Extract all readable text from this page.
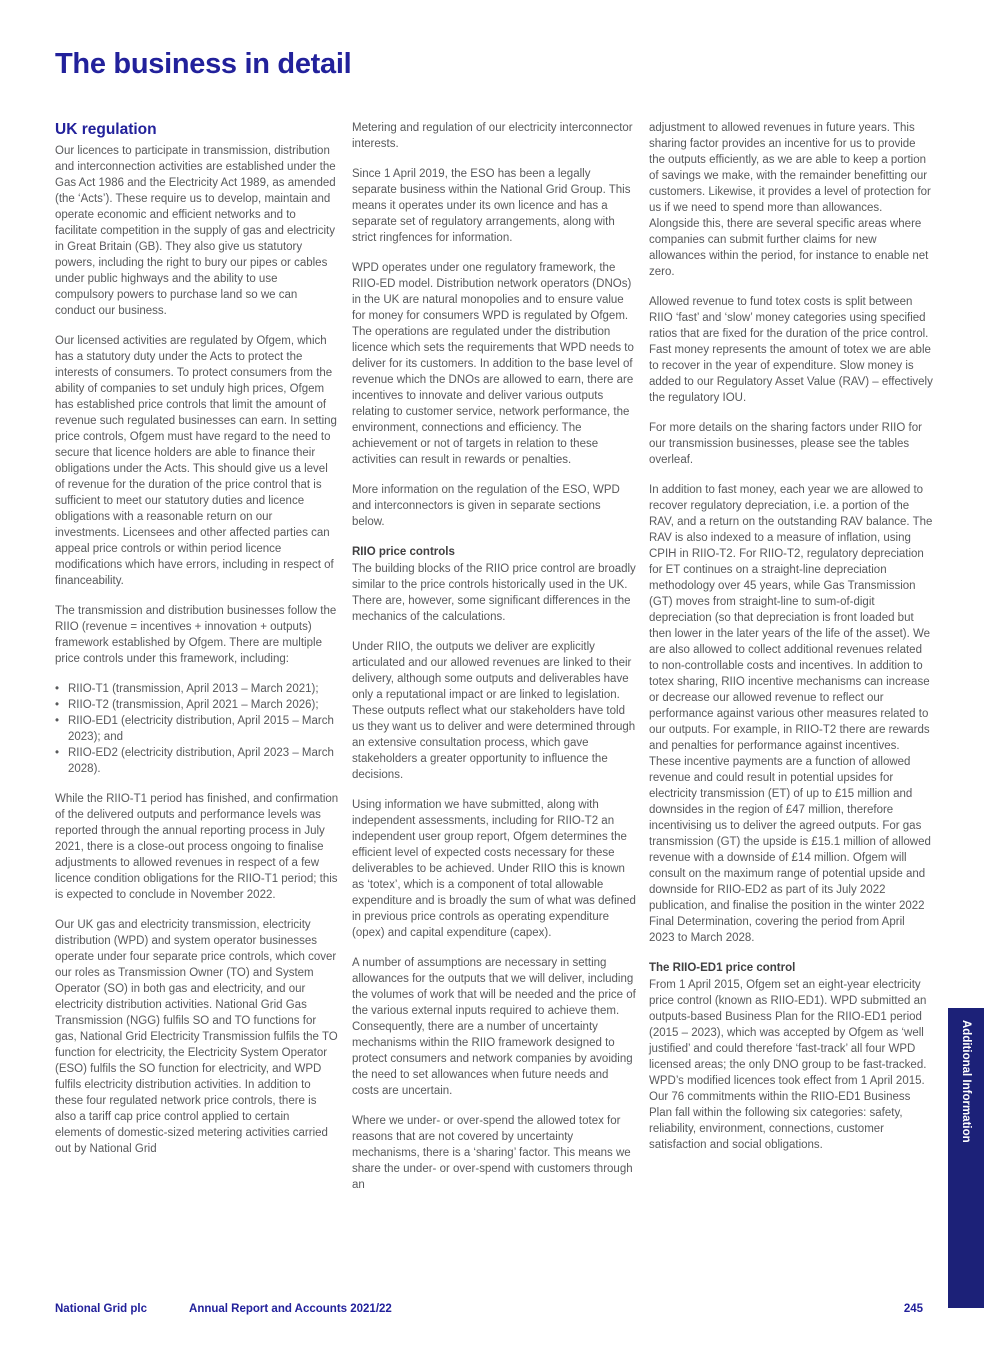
The business in detail
UK regulation

Our licences to participate in transmission, distribution and interconnection activities are established under the Gas Act 1986 and the Electricity Act 1989, as amended (the ‘Acts’). These require us to develop, maintain and operate economic and efficient networks and to facilitate competition in the supply of gas and electricity in Great Britain (GB). They also give us statutory powers, including the right to bury our pipes or cables under public highways and the ability to use compulsory powers to purchase land so we can conduct our business.

Our licensed activities are regulated by Ofgem, which has a statutory duty under the Acts to protect the interests of consumers. To protect consumers from the ability of companies to set unduly high prices, Ofgem has established price controls that limit the amount of revenue such regulated businesses can earn. In setting price controls, Ofgem must have regard to the need to secure that licence holders are able to finance their obligations under the Acts. This should give us a level of revenue for the duration of the price control that is sufficient to meet our statutory duties and licence obligations with a reasonable return on our investments. Licensees and other affected parties can appeal price controls or within period licence modifications which have errors, including in respect of financeability.

The transmission and distribution businesses follow the RIIO (revenue = incentives + innovation + outputs) framework established by Ofgem. There are multiple price controls under this framework, including:

• RIIO-T1 (transmission, April 2013 – March 2021);
• RIIO-T2 (transmission, April 2021 – March 2026);
• RIIO-ED1 (electricity distribution, April 2015 – March 2023); and
• RIIO-ED2 (electricity distribution, April 2023 – March 2028).

While the RIIO-T1 period has finished, and confirmation of the delivered outputs and performance levels was reported through the annual reporting process in July 2021, there is a close-out process ongoing to finalise adjustments to allowed revenues in respect of a few licence condition obligations for the RIIO-T1 period; this is expected to conclude in November 2022.

Our UK gas and electricity transmission, electricity distribution (WPD) and system operator businesses operate under four separate price controls, which cover our roles as Transmission Owner (TO) and System Operator (SO) in both gas and electricity, and our electricity distribution activities. National Grid Gas Transmission (NGG) fulfils SO and TO functions for gas, National Grid Electricity Transmission fulfils the TO function for electricity, the Electricity System Operator (ESO) fulfils the SO function for electricity, and WPD fulfils electricity distribution activities. In addition to these four regulated network price controls, there is also a tariff cap price control applied to certain elements of domestic-sized metering activities carried out by National Grid

Metering and regulation of our electricity interconnector interests.

Since 1 April 2019, the ESO has been a legally separate business within the National Grid Group. This means it operates under its own licence and has a separate set of regulatory arrangements, along with strict ringfences for information.

WPD operates under one regulatory framework, the RIIO-ED model. Distribution network operators (DNOs) in the UK are natural monopolies and to ensure value for money for consumers WPD is regulated by Ofgem. The operations are regulated under the distribution licence which sets the requirements that WPD needs to deliver for its customers. In addition to the base level of revenue which the DNOs are allowed to earn, there are incentives to innovate and deliver various outputs relating to customer service, network performance, the environment, connections and efficiency. The achievement or not of targets in relation to these activities can result in rewards or penalties.

More information on the regulation of the ESO, WPD and interconnectors is given in separate sections below.

RIIO price controls

The building blocks of the RIIO price control are broadly similar to the price controls historically used in the UK. There are, however, some significant differences in the mechanics of the calculations.

Under RIIO, the outputs we deliver are explicitly articulated and our allowed revenues are linked to their delivery, although some outputs and deliverables have only a reputational impact or are linked to legislation. These outputs reflect what our stakeholders have told us they want us to deliver and were determined through an extensive consultation process, which gave stakeholders a greater opportunity to influence the decisions.

Using information we have submitted, along with independent assessments, including for RIIO-T2 an independent user group report, Ofgem determines the efficient level of expected costs necessary for these deliverables to be achieved. Under RIIO this is known as ‘totex’, which is a component of total allowable expenditure and is broadly the sum of what was defined in previous price controls as operating expenditure (opex) and capital expenditure (capex).

A number of assumptions are necessary in setting allowances for the outputs that we will deliver, including the volumes of work that will be needed and the price of the various external inputs required to achieve them. Consequently, there are a number of uncertainty mechanisms within the RIIO framework designed to protect consumers and network companies by avoiding the need to set allowances when future needs and costs are uncertain.

Where we under- or over-spend the allowed totex for reasons that are not covered by uncertainty mechanisms, there is a ‘sharing’ factor. This means we share the under- or over-spend with customers through an

adjustment to allowed revenues in future years. This sharing factor provides an incentive for us to provide the outputs efficiently, as we are able to keep a portion of savings we make, with the remainder benefitting our customers. Likewise, it provides a level of protection for us if we need to spend more than allowances. Alongside this, there are several specific areas where companies can submit further claims for new allowances within the period, for instance to enable net zero.

Allowed revenue to fund totex costs is split between RIIO ‘fast’ and ‘slow’ money categories using specified ratios that are fixed for the duration of the price control. Fast money represents the amount of totex we are able to recover in the year of expenditure. Slow money is added to our Regulatory Asset Value (RAV) – effectively the regulatory IOU.

For more details on the sharing factors under RIIO for our transmission businesses, please see the tables overleaf.

In addition to fast money, each year we are allowed to recover regulatory depreciation, i.e. a portion of the RAV, and a return on the outstanding RAV balance. The RAV is also indexed to a measure of inflation, using CPIH in RIIO-T2. For RIIO-T2, regulatory depreciation for ET continues on a straight-line depreciation methodology over 45 years, while Gas Transmission (GT) moves from straight-line to sum-of-digit depreciation (so that depreciation is front loaded but then lower in the later years of the life of the asset). We are also allowed to collect additional revenues related to non-controllable costs and incentives. In addition to totex sharing, RIIO incentive mechanisms can increase or decrease our allowed revenue to reflect our performance against various other measures related to our outputs. For example, in RIIO-T2 there are rewards and penalties for performance against incentives. These incentive payments are a function of allowed revenue and could result in potential upsides for electricity transmission (ET) of up to £15 million and downsides in the region of £47 million, therefore incentivising us to deliver the agreed outputs. For gas transmission (GT) the upside is £15.1 million of allowed revenue with a downside of £14 million. Ofgem will consult on the maximum range of potential upside and downside for RIIO-ED2 as part of its July 2022 publication, and finalise the position in the winter 2022 Final Determination, covering the period from April 2023 to March 2028.

The RIIO-ED1 price control

From 1 April 2015, Ofgem set an eight-year electricity price control (known as RIIO-ED1). WPD submitted an outputs-based Business Plan for the RIIO-ED1 period (2015 – 2023), which was accepted by Ofgem as ‘well justified’ and could therefore ‘fast-track’ all four WPD licensed areas; the only DNO group to be fast-tracked. WPD’s modified licences took effect from 1 April 2015. Our 76 commitments within the RIIO-ED1 Business Plan fall within the following six categories: safety, reliability, environment, connections, customer satisfaction and social obligations.

Additional Information
National Grid plc	Annual Report and Accounts 2021/22	245
